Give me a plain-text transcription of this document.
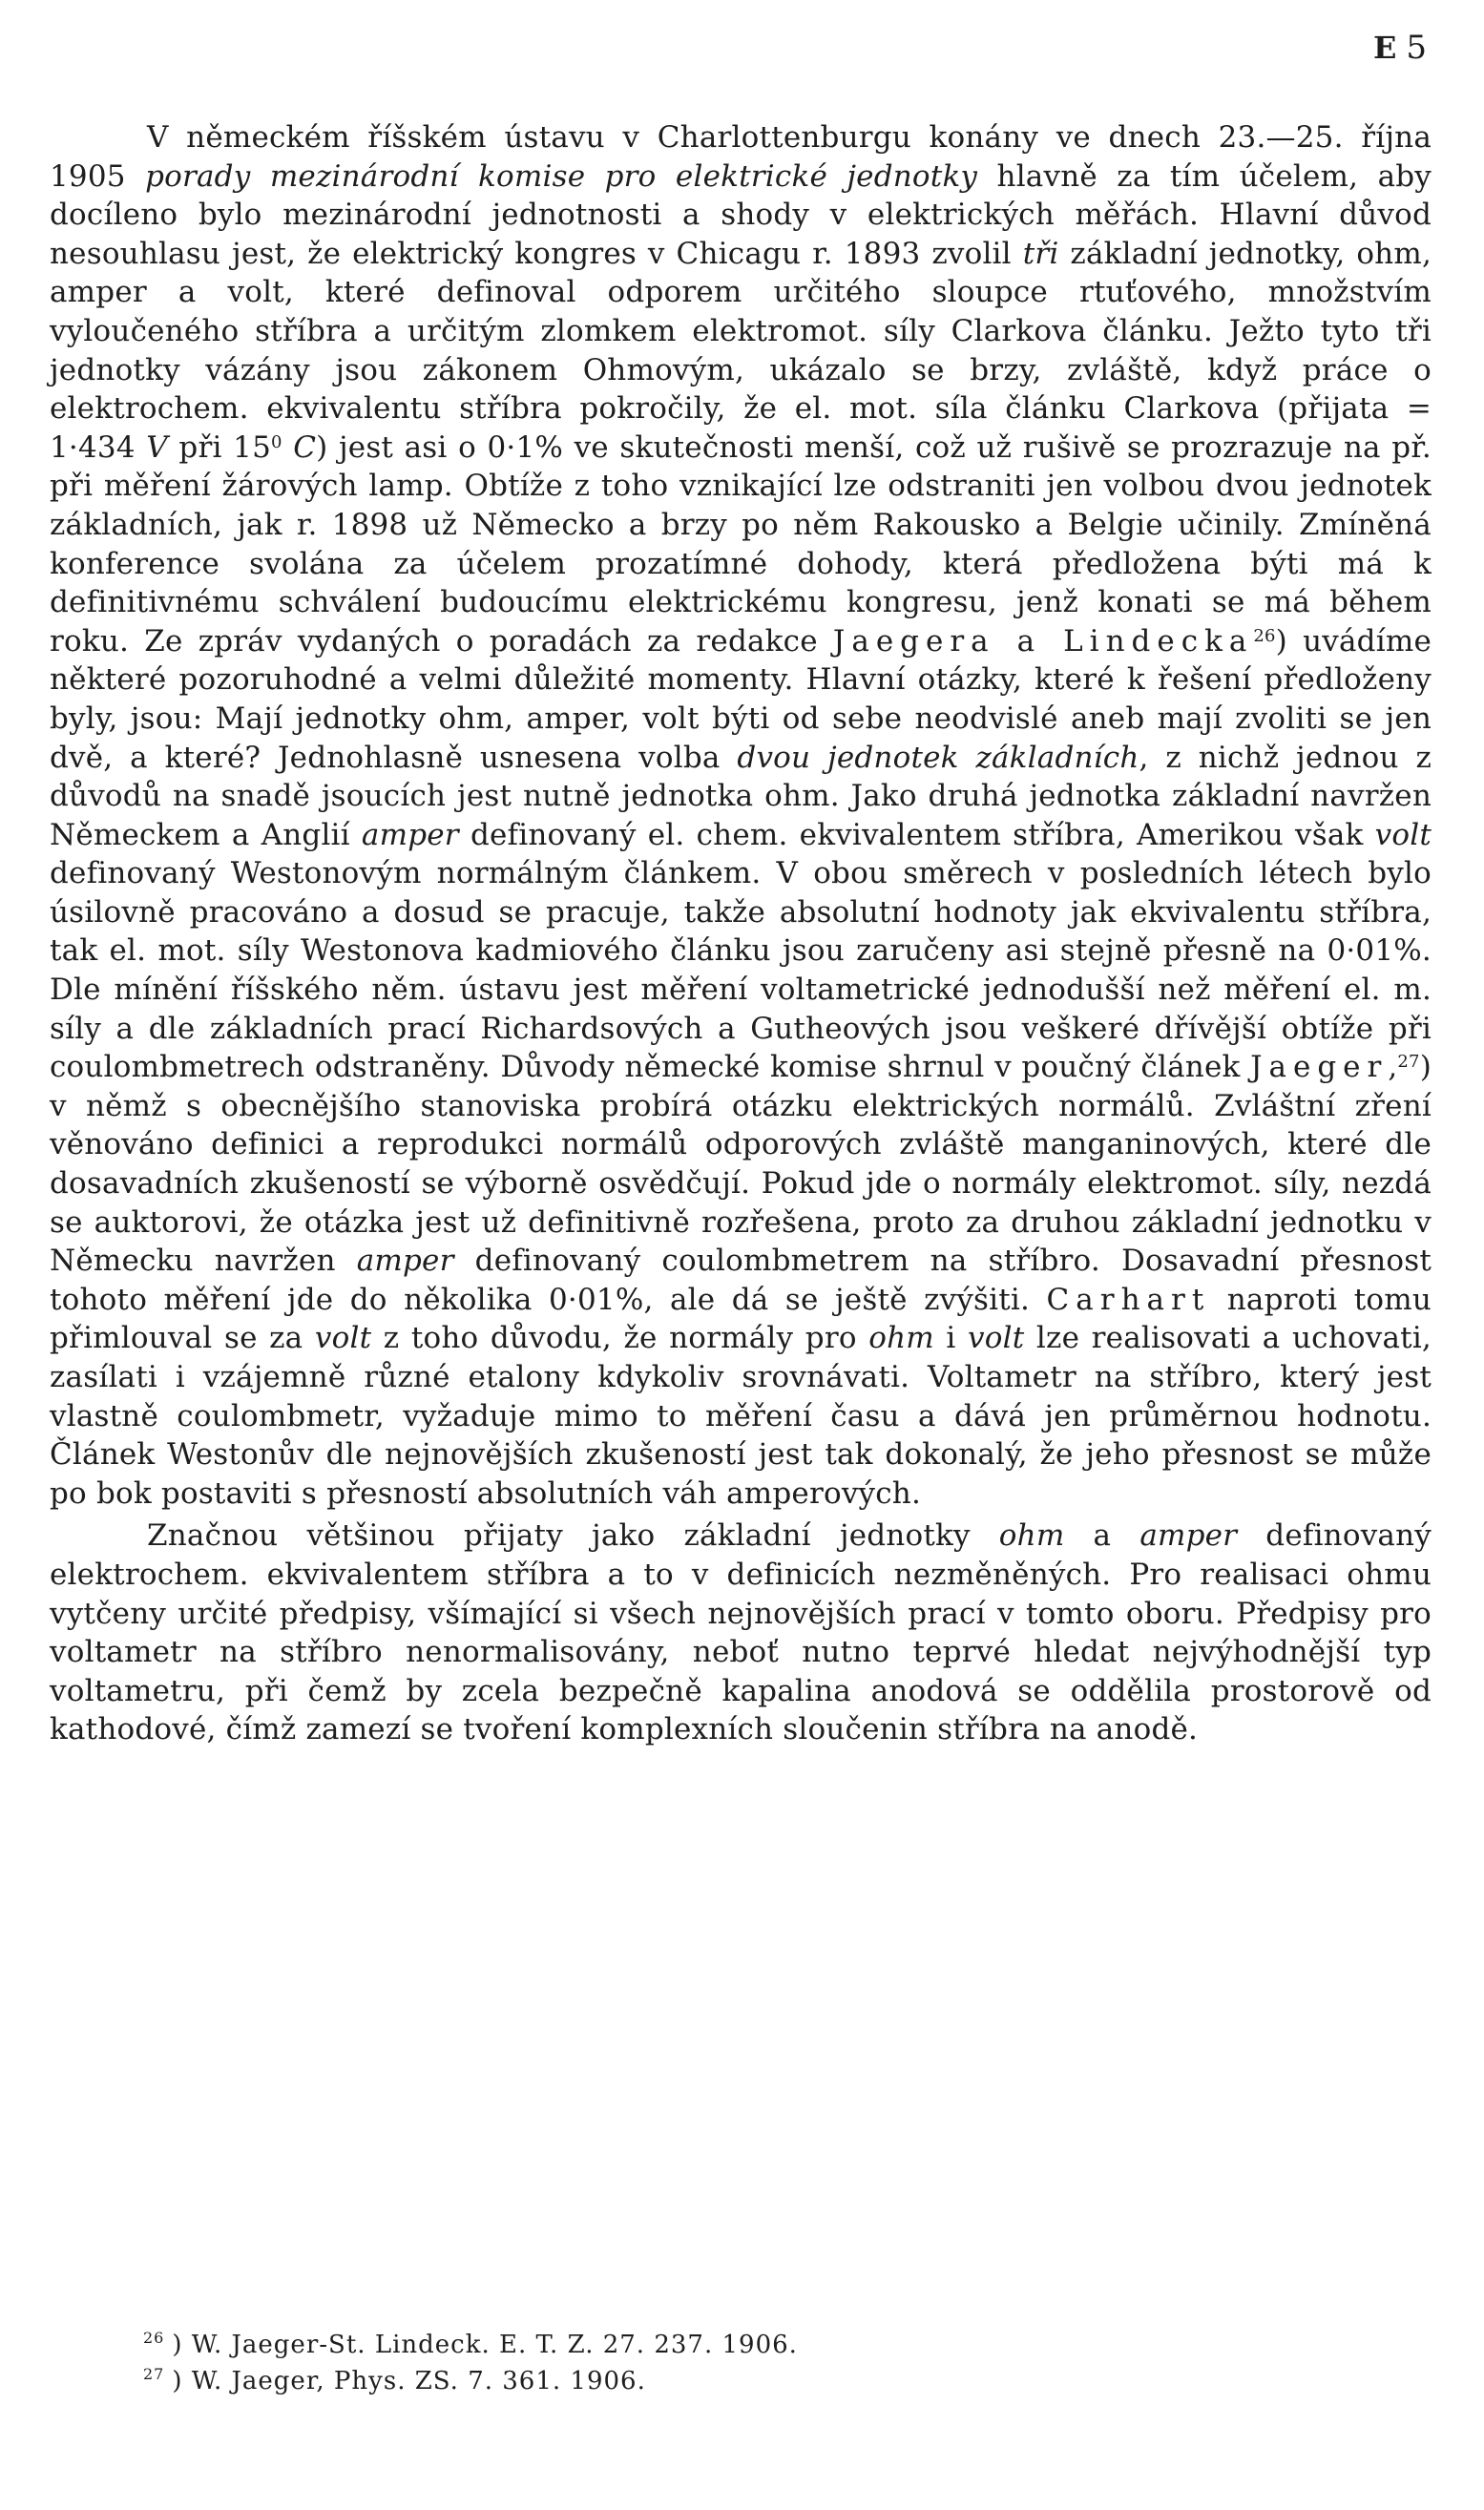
E 5

V německém říšském ústavu v Charlottenburgu konány ve dnech 23.—25. října 1905 porady mezinárodní komise pro elektrické jednotky hlavně za tím účelem, aby docíleno bylo mezinárodní jednotnosti a shody v elektrických měřách. Hlavní důvod nesouhlasu jest, že elektrický kongres v Chicagu r. 1893 zvolil tři základní jednotky, ohm, amper a volt, které definoval odporem určitého sloupce rtuťového, množstvím vyloučeného stříbra a určitým zlomkem elektromot. síly Clarkova článku. Ježto tyto tři jednotky vázány jsou zákonem Ohmovým, ukázalo se brzy, zvláště, když práce o elektrochem. ekvivalentu stříbra pokročily, že el. mot. síla článku Clarkova (přijata = 1·434 V při $15^0$ C) jest asi o 0·1% ve skutečnosti menší, což už rušivě se prozrazuje na př. při měření žárových lamp. Obtíže z toho vznikající lze odstraniti jen volbou dvou jednotek základních, jak r. 1898 už Německo a brzy po něm Rakousko a Belgie učinily. Zmíněná konference svolána za účelem prozatímné dohody, která předložena býti má k definitivnému schválení budoucímu elektrickému kongresu, jenž konati se má během roku. Ze zpráv vydaných o poradách za redakce Jaegera a Lindecka$^{26}$) uvádíme některé pozoruhodné a velmi důležité momenty. Hlavní otázky, které k řešení předloženy byly, jsou: Mají jednotky ohm, amper, volt býti od sebe neodvislé aneb mají zvoliti se jen dvě, a které? Jednohlasně usnesena volba dvou jednotek základních, z nichž jednou z důvodů na snadě jsoucích jest nutně jednotka ohm. Jako druhá jednotka základní navržen Německem a Anglií amper definovaný el. chem. ekvivalentem stříbra, Amerikou však volt definovaný Westonovým normálným článkem. V obou směrech v posledních létech bylo úsilovně pracováno a dosud se pracuje, takže absolutní hodnoty jak ekvivalentu stříbra, tak el. mot. síly Westonova kadmiového článku jsou zaručeny asi stejně přesně na 0·01%. Dle mínění říšského něm. ústavu jest měření voltametrické jednodušší než měření el. m. síly a dle základních prací Richardsových a Gutheových jsou veškeré dřívější obtíže při coulombmetrech odstraněny. Důvody německé komise shrnul v poučný článek Jaeger,$^{27}$) v němž s obecnějšího stanoviska probírá otázku elektrických normálů. Zvláštní zření věnováno definici a reprodukci normálů odporových zvláště manganinových, které dle dosavadních zkušeností se výborně osvědčují. Pokud jde o normály elektromot. síly, nezdá se auktorovi, že otázka jest už definitivně rozřešena, proto za druhou základní jednotku v Německu navržen amper definovaný coulombmetrem na stříbro. Dosavadní přesnost tohoto měření jde do několika 0·01%, ale dá se ještě zvýšiti. Carhart naproti tomu přimlouval se za volt z toho důvodu, že normály pro ohm i volt lze realisovati a uchovati, zasílati i vzájemně různé etalony kdykoliv srovnávati. Voltametr na stříbro, který jest vlastně coulombmetr, vyžaduje mimo to měření času a dává jen průměrnou hodnotu. Článek Westonův dle nejnovějších zkušeností jest tak dokonalý, že jeho přesnost se může po bok postaviti s přesností absolutních váh amperových.

Značnou většinou přijaty jako základní jednotky ohm a amper definovaný elektrochem. ekvivalentem stříbra a to v definicích nezměněných. Pro realisaci ohmu vytčeny určité předpisy, všímající si všech nejnovějších prací v tomto oboru. Předpisy pro voltametr na stříbro nenormalisovány, neboť nutno teprvé hledat nejvýhodnější typ voltametru, při čemž by zcela bezpečně kapalina anodová se oddělila prostorově od kathodové, čímž zamezí se tvoření komplexních sloučenin stříbra na anodě.

$^{26}$ ) W. Jaeger-St. Lindeck. E. T. Z. 27. 237. 1906.
$^{27}$ ) W. Jaeger, Phys. ZS. 7. 361. 1906.
